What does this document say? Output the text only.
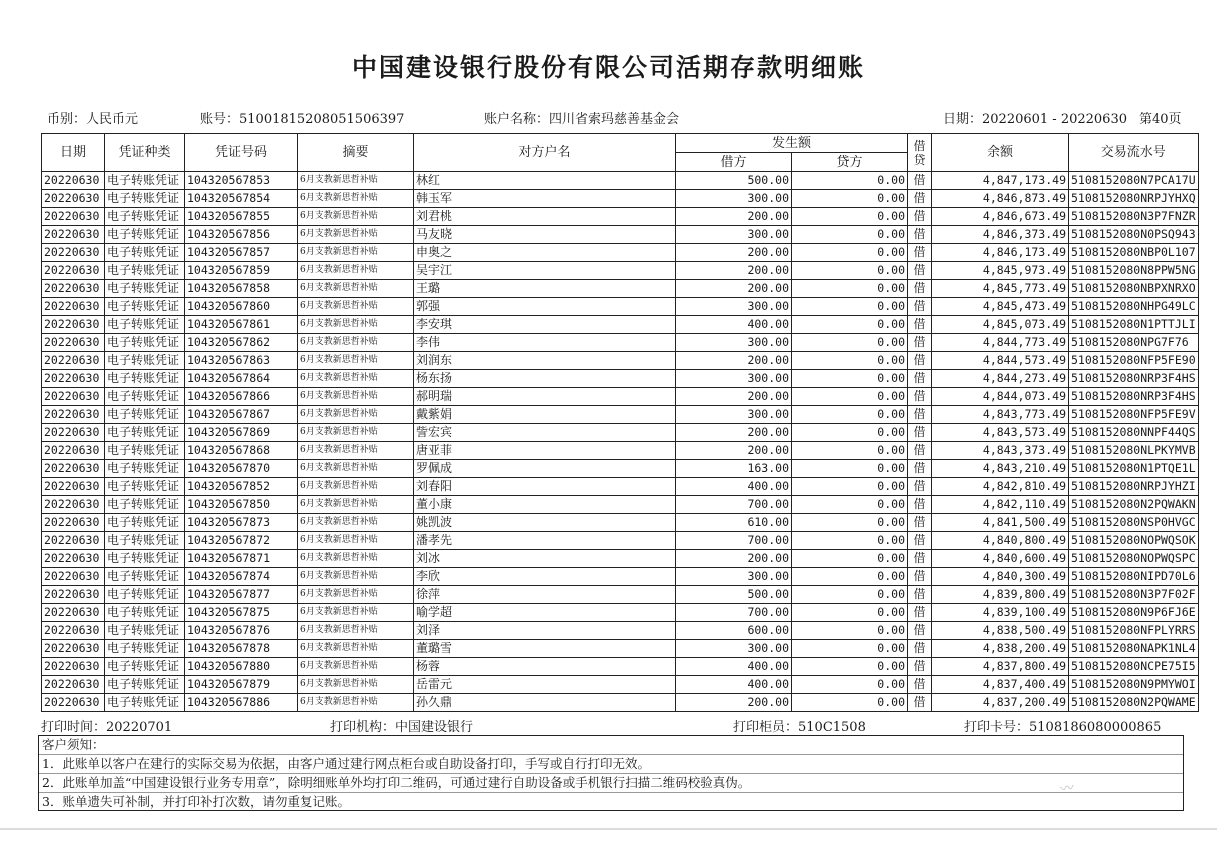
中国建设银行股份有限公司活期存款明细账
币别：人民币元	账号：51001815208051506397	账户名称：四川省索玛慈善基金会	日期：20220601 - 20220630 第40页
日期	凭证种类	凭证号码	摘要	对方户名	发生额		借贷	余额	交易流水号
					借方	贷方			
20220630	电子转账凭证	104320567853	6月支教新思哲补贴	林红	500.00	0.00	借	4,847,173.49	5108152080N7PCA17U
20220630	电子转账凭证	104320567854	6月支教新思哲补贴	韩玉军	300.00	0.00	借	4,846,873.49	5108152080NRPJYHXQ
20220630	电子转账凭证	104320567855	6月支教新思哲补贴	刘君桃	200.00	0.00	借	4,846,673.49	5108152080N3P7FNZR
20220630	电子转账凭证	104320567856	6月支教新思哲补贴	马友晓	300.00	0.00	借	4,846,373.49	5108152080N0PSQ943
20220630	电子转账凭证	104320567857	6月支教新思哲补贴	申奥之	200.00	0.00	借	4,846,173.49	5108152080NBP0L107
20220630	电子转账凭证	104320567859	6月支教新思哲补贴	吴宇江	200.00	0.00	借	4,845,973.49	5108152080N8PPW5NG
20220630	电子转账凭证	104320567858	6月支教新思哲补贴	王璐	200.00	0.00	借	4,845,773.49	5108152080NBPXNRXO
20220630	电子转账凭证	104320567860	6月支教新思哲补贴	郭强	300.00	0.00	借	4,845,473.49	5108152080NHPG49LC
20220630	电子转账凭证	104320567861	6月支教新思哲补贴	李安琪	400.00	0.00	借	4,845,073.49	5108152080N1PTTJLI
20220630	电子转账凭证	104320567862	6月支教新思哲补贴	李伟	300.00	0.00	借	4,844,773.49	5108152080NPG7F76
20220630	电子转账凭证	104320567863	6月支教新思哲补贴	刘润东	200.00	0.00	借	4,844,573.49	5108152080NFP5FE90
20220630	电子转账凭证	104320567864	6月支教新思哲补贴	杨东扬	300.00	0.00	借	4,844,273.49	5108152080NRP3F4HS
20220630	电子转账凭证	104320567866	6月支教新思哲补贴	郝明瑞	200.00	0.00	借	4,844,073.49	5108152080NRP3F4HS
20220630	电子转账凭证	104320567867	6月支教新思哲补贴	戴紫娟	300.00	0.00	借	4,843,773.49	5108152080NFP5FE9V
20220630	电子转账凭证	104320567869	6月支教新思哲补贴	訾宏宾	200.00	0.00	借	4,843,573.49	5108152080NNPF44QS
20220630	电子转账凭证	104320567868	6月支教新思哲补贴	唐亚菲	200.00	0.00	借	4,843,373.49	5108152080NLPKYMVB
20220630	电子转账凭证	104320567870	6月支教新思哲补贴	罗佩成	163.00	0.00	借	4,843,210.49	5108152080N1PTQE1L
20220630	电子转账凭证	104320567852	6月支教新思哲补贴	刘春阳	400.00	0.00	借	4,842,810.49	5108152080NRPJYHZI
20220630	电子转账凭证	104320567850	6月支教新思哲补贴	董小康	700.00	0.00	借	4,842,110.49	5108152080N2PQWAKN
20220630	电子转账凭证	104320567873	6月支教新思哲补贴	姚凯波	610.00	0.00	借	4,841,500.49	5108152080NSP0HVGC
20220630	电子转账凭证	104320567872	6月支教新思哲补贴	潘孝先	700.00	0.00	借	4,840,800.49	5108152080NOPWQSOK
20220630	电子转账凭证	104320567871	6月支教新思哲补贴	刘冰	200.00	0.00	借	4,840,600.49	5108152080NOPWQSPC
20220630	电子转账凭证	104320567874	6月支教新思哲补贴	李欣	300.00	0.00	借	4,840,300.49	5108152080NIPD70L6
20220630	电子转账凭证	104320567877	6月支教新思哲补贴	徐萍	500.00	0.00	借	4,839,800.49	5108152080N3P7F02F
20220630	电子转账凭证	104320567875	6月支教新思哲补贴	喻学超	700.00	0.00	借	4,839,100.49	5108152080N9P6FJ6E
20220630	电子转账凭证	104320567876	6月支教新思哲补贴	刘泽	600.00	0.00	借	4,838,500.49	5108152080NFPLYRRS
20220630	电子转账凭证	104320567878	6月支教新思哲补贴	董璐雪	300.00	0.00	借	4,838,200.49	5108152080NAPK1NL4
20220630	电子转账凭证	104320567880	6月支教新思哲补贴	杨蓉	400.00	0.00	借	4,837,800.49	5108152080NCPE75I5
20220630	电子转账凭证	104320567879	6月支教新思哲补贴	岳雷元	400.00	0.00	借	4,837,400.49	5108152080N9PMYWOI
20220630	电子转账凭证	104320567886	6月支教新思哲补贴	孙久鼎	200.00	0.00	借	4,837,200.49	5108152080N2PQWAME
打印时间：20220701	打印机构：中国建设银行	打印柜员：510C1508	打印卡号：5108186080000865
客户须知：
1．此账单以客户在建行的实际交易为依据，由客户通过建行网点柜台或自助设备打印，手写或自行打印无效。
2．此账单加盖“中国建设银行业务专用章”，除明细账单外均打印二维码，可通过建行自助设备或手机银行扫描二维码校验真伪。
3．账单遗失可补制，并打印补打次数，请勿重复记账。
〰
